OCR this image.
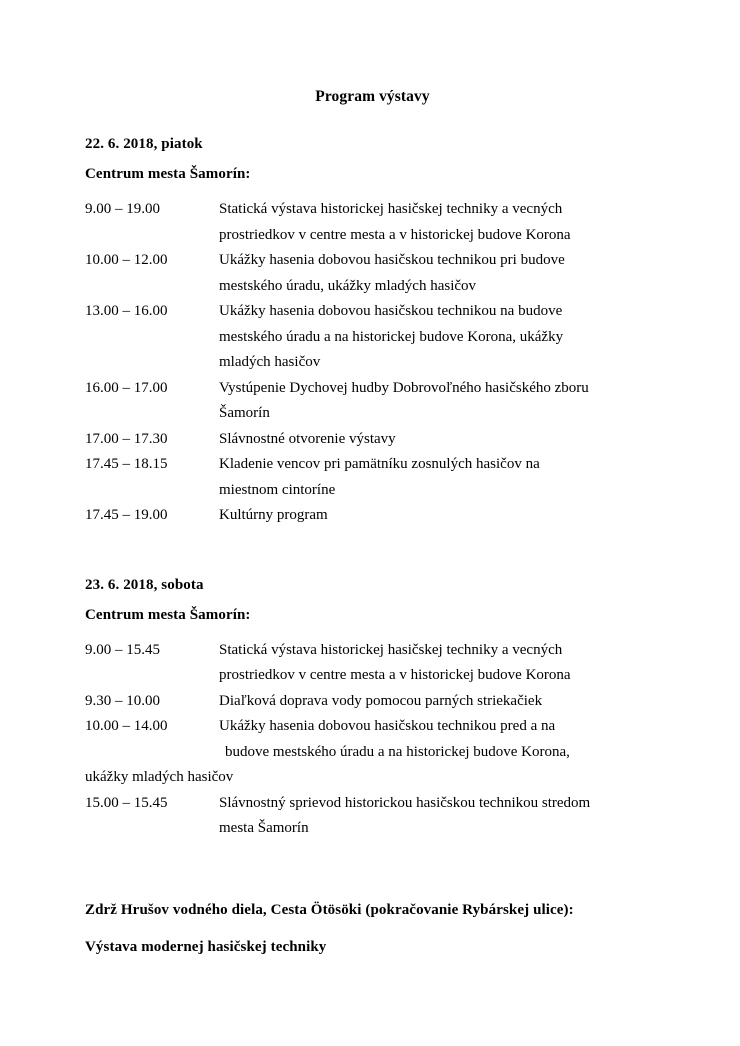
Program výstavy
22. 6. 2018, piatok
Centrum mesta Šamorín:
9.00 – 19.00	Statická výstava historickej hasičskej techniky a vecných
prostriedkov v centre mesta a v historickej budove Korona
10.00 – 12.00	Ukážky hasenia dobovou hasičskou technikou pri budove
mestského úradu, ukážky mladých hasičov
13.00 – 16.00	Ukážky hasenia dobovou hasičskou technikou na budove
mestského úradu a na historickej budove Korona, ukážky
mladých hasičov
16.00 – 17.00	Vystúpenie Dychovej hudby Dobrovoľného hasičského zboru
Šamorín
17.00 – 17.30	Slávnostné otvorenie výstavy
17.45 – 18.15	Kladenie vencov pri pamätníku zosnulých hasičov na
miestnom cintoríne
17.45 – 19.00	Kultúrny program
23. 6. 2018, sobota
Centrum mesta Šamorín:
9.00 – 15.45	Statická výstava historickej hasičskej techniky a vecných
prostriedkov v centre mesta a v historickej budove Korona
9.30 – 10.00	Diaľková doprava vody pomocou parných striekačiek
10.00 – 14.00	Ukážky hasenia dobovou hasičskou technikou pred a na
budove mestského úradu a na historickej budove Korona,
ukážky mladých hasičov
15.00 – 15.45	Slávnostný sprievod historickou hasičskou technikou stredom
mesta Šamorín
Zdrž Hrušov vodného diela, Cesta Ötösöki (pokračovanie Rybárskej ulice):
Výstava modernej hasičskej techniky
